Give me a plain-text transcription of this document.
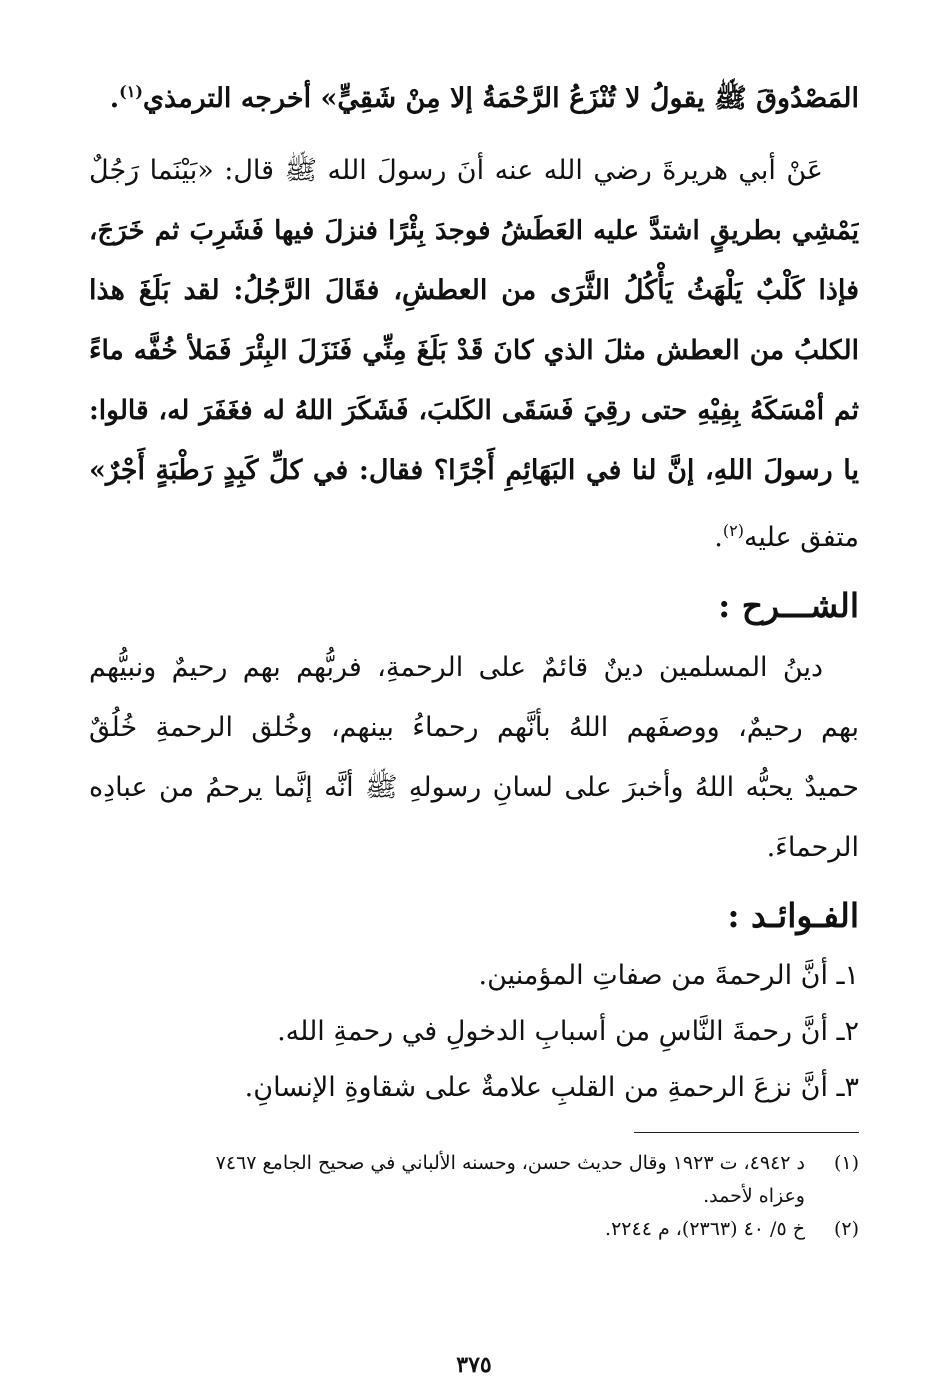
المَصْدُوقَ ﷺ يقولُ لا تُنْزَعُ الرَّحْمَةُ إلا مِنْ شَقِيٍّ» أخرجه الترمذي$^{(١)}$.
عَنْ أبي هريرةَ رضي الله عنه أنَ رسولَ الله ﷺ قال: «بَيْنَما رَجُلٌ
يَمْشِي بطريقٍ اشتدَّ عليه العَطَشُ فوجدَ بِئْرًا فنزلَ فيها فَشَرِبَ ثم خَرَجَ،
فإذا كَلْبٌ يَلْهَثُ يَأْكُلُ الثَّرَى من العطشِ، فقَالَ الرَّجُلُ: لقد بَلَغَ هذا
الكلبُ من العطش مثلَ الذي كانَ قَدْ بَلَغَ مِنِّي فَنَزَلَ البِئْرَ فَمَلأ خُفَّه ماءً
ثم أمْسَكَهُ بِفِيْهِ حتى رقِيَ فَسَقَى الكَلبَ، فَشَكَرَ اللهُ له فغَفَرَ له، قالوا:
يا رسولَ اللهِ، إنَّ لنا في البَهَائِمِ أَجْرًا؟ فقال: في كلِّ كَبِدٍ رَطْبَةٍ أَجْرٌ»
متفق عليه$^{(٢)}$.
الشـــرح :
دينُ المسلمين دينٌ قائمٌ على الرحمةِ، فربُّهم بهم رحيمٌ ونبيُّهم
بهم رحيمٌ، ووصفَهم اللهُ بأنَّهم رحماءُ بينهم، وخُلق الرحمةِ خُلُقٌ
حميدٌ يحبُّه اللهُ وأخبرَ على لسانِ رسولهِ ﷺ أنَّه إنَّما يرحمُ من عبادِه
الرحماءَ.
الفـوائـد :
١ـ أنَّ الرحمةَ من صفاتِ المؤمنين.
٢ـ أنَّ رحمةَ النَّاسِ من أسبابِ الدخولِ في رحمةِ الله.
٣ـ أنَّ نزعَ الرحمةِ من القلبِ علامةٌ على شقاوةِ الإنسانِ.
(١)
د ٤٩٤٢، ت ١٩٢٣ وقال حديث حسن، وحسنه الألباني في صحيح الجامع ٧٤٦٧
وعزاه لأحمد.
(٢)
خ ٥/ ٤٠ (٢٣٦٣)، م ٢٢٤٤.
٣٧٥
